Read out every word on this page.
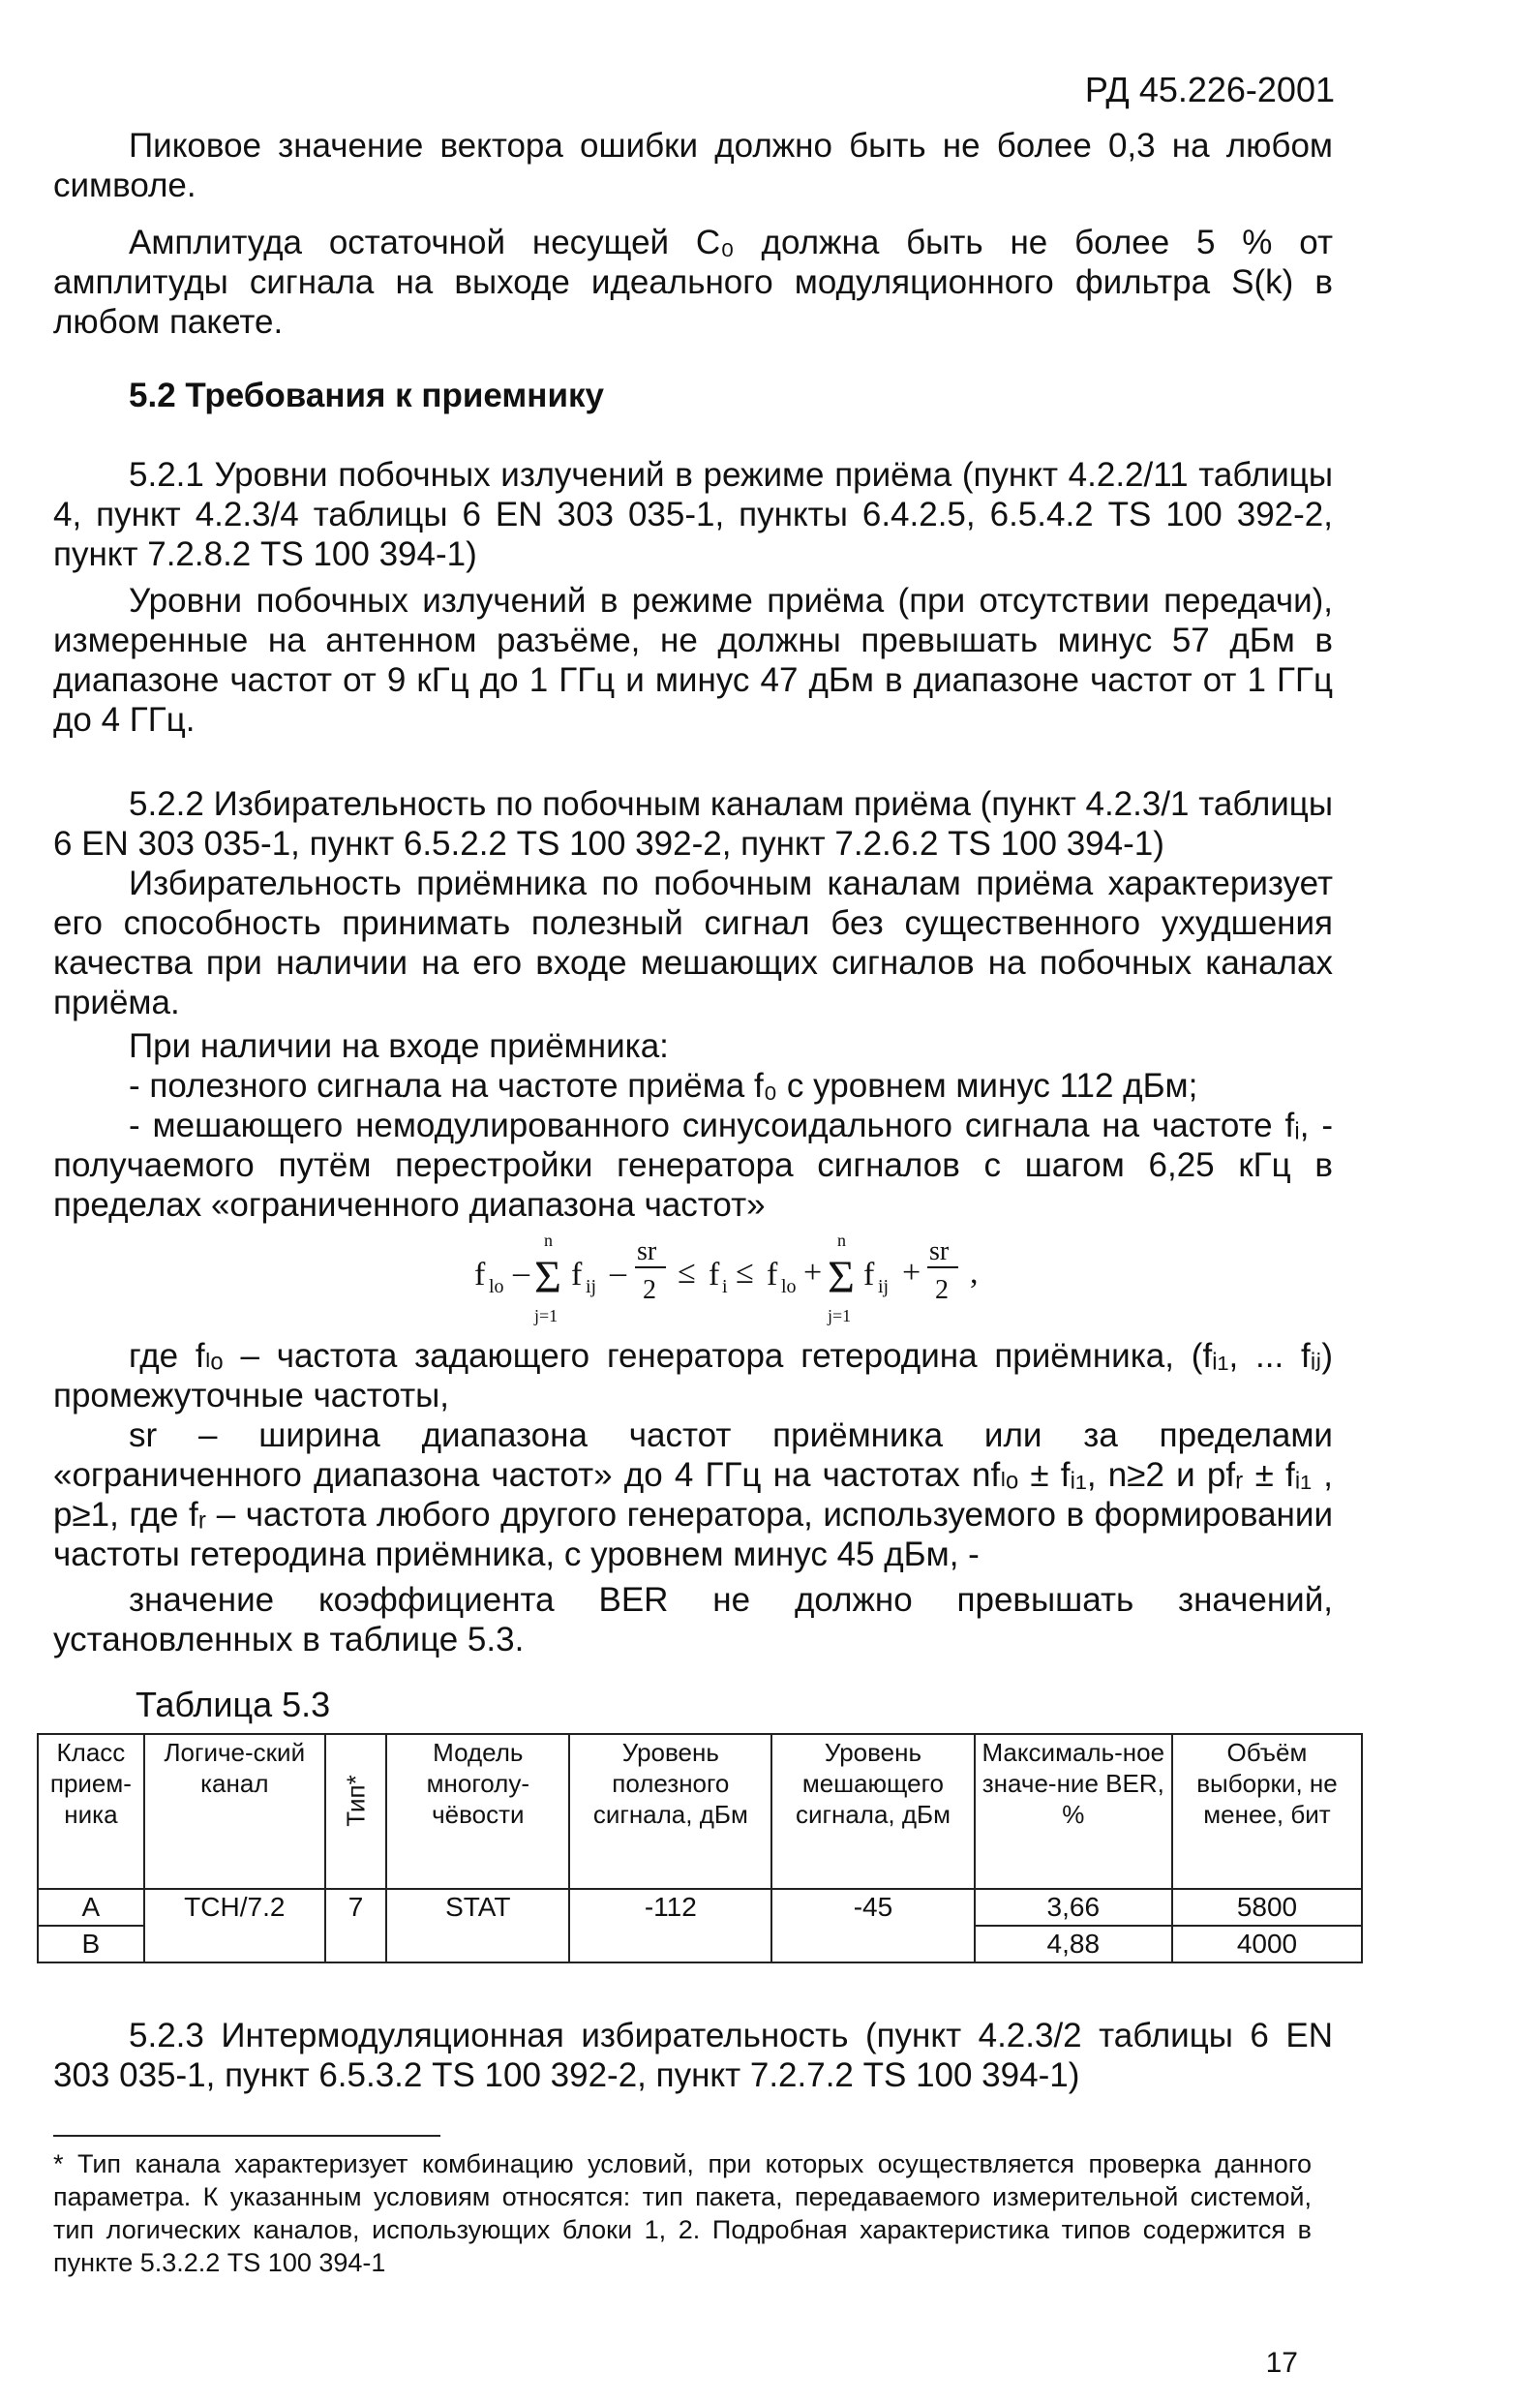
РД 45.226-2001

Пиковое значение вектора ошибки должно быть не более 0,3 на любом символе.

Амплитуда остаточной несущей C₀ должна быть не более 5 % от амплитуды сигнала на выходе идеального модуляционного фильтра S(k) в любом пакете.

5.2 Требования к приемнику

5.2.1 Уровни побочных излучений в режиме приёма (пункт 4.2.2/11 таблицы 4, пункт 4.2.3/4 таблицы 6 EN 303 035-1, пункты 6.4.2.5, 6.5.4.2 TS 100 392-2, пункт 7.2.8.2 TS 100 394-1)

Уровни побочных излучений в режиме приёма (при отсутствии передачи), измеренные на антенном разъёме, не должны превышать минус 57 дБм в диапазоне частот от 9 кГц до 1 ГГц и минус 47 дБм в диапазоне частот от 1 ГГц до 4 ГГц.

5.2.2 Избирательность по побочным каналам приёма (пункт 4.2.3/1 таблицы 6 EN 303 035-1, пункт 6.5.2.2 TS 100 392-2, пункт 7.2.6.2 TS 100 394-1)

Избирательность приёмника по побочным каналам приёма характеризует его способность принимать полезный сигнал без существенного ухудшения качества при наличии на его входе мешающих сигналов на побочных каналах приёма.

При наличии на входе приёмника:

- полезного сигнала на частоте приёма f₀ с уровнем минус 112 дБм;

- мешающего немодулированного синусоидального сигнала на частоте fᵢ, - получаемого путём перестройки генератора сигналов с шагом 6,25 кГц в пределах «ограниченного диапазона частот»

f lo – Σ
n
j=1
f ij –
sr
2 ≤ f i ≤ f lo + Σ
n
j=1
f ij +
sr
2 ,

где fₗₒ – частота задающего генератора гетеродина приёмника, (fᵢ₁, ... fᵢⱼ) промежуточные частоты,

sr – ширина диапазона частот приёмника или за пределами «ограниченного диапазона частот» до 4 ГГц на частотах nfₗₒ ± fᵢ₁, n≥2 и pfᵣ ± fᵢ₁ , p≥1, где fᵣ – частота любого другого генератора, используемого в формировании частоты гетеродина приёмника, с уровнем минус 45 дБм, -

значение коэффициента BER не должно превышать значений, установленных в таблице 5.3.

Таблица 5.3
Класс прием-ника	Логиче-ский канал	Тип*	Модель многолу-чёвости	Уровень полезного сигнала, дБм	Уровень мешающего сигнала, дБм	Максималь-ное значе-ние BER, %	Объём выборки, не менее, бит
A	TCH/7.2	7	STAT	-112	-45	3,66	5800
B						4,88	4000

5.2.3 Интермодуляционная избирательность (пункт 4.2.3/2 таблицы 6 EN 303 035-1, пункт 6.5.3.2 TS 100 392-2, пункт 7.2.7.2 TS 100 394-1)

* Тип канала характеризует комбинацию условий, при которых осуществляется проверка данного параметра. К указанным условиям относятся: тип пакета, передаваемого измерительной системой, тип логических каналов, использующих блоки 1, 2. Подробная характеристика типов содержится в пункте 5.3.2.2 TS 100 394-1

17
